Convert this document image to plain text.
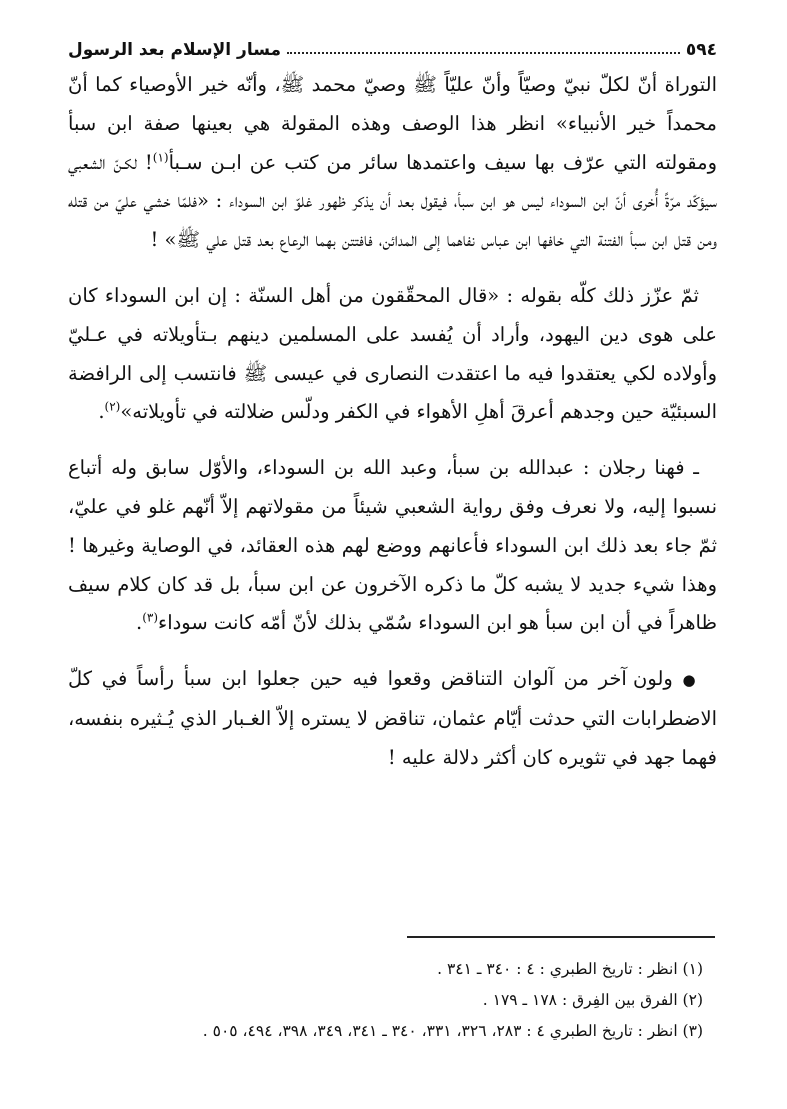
٥٩٤
مسار الإسلام بعد الرسول

التوراة أنّ لكلّ نبيّ وصيّاً وأنّ عليّاً ﷺ وصيّ محمد ﷺ، وأنّه خير الأوصياء كما أنّ محمداً خير الأنبياء» انظر هذا الوصف وهذه المقولة هي بعينها صفة ابن سبأ ومقولته التي عرّف بها سيف واعتمدها سائر من كتب عن ابـن سـبأ$^{(١)}$! لكـنّ الشعبي سيؤكّد مرّةً أُخرى أنّ ابن السوداء ليس هو ابن سبأ، فيقول بعد أن يذكر ظهور غلوّ ابن السوداء : «فلمّا خشي عليّ من قتله ومن قتل ابن سبأ الفتنة التي خافها ابن عباس نفاهما إلى المدائن، فافتتن بهما الرعاع بعد قتل علي ﷺ» !

ثمّ عزّز ذلك كلّه بقوله : «قال المحقّقون من أهل السنّة : إن ابن السوداء كان على هوى دين اليهود، وأراد أن يُفسد على المسلمين دينهم بـتأويلاته في عـليّ وأولاده لكي يعتقدوا فيه ما اعتقدت النصارى في عيسى ﷺ فانتسب إلى الرافضة السبئيّة حين وجدهم أعرقَ أهلِ الأهواء في الكفر ودلّس ضلالته في تأويلاته»$^{(٢)}$.

ـ فهنا رجلان : عبدالله بن سبأ، وعبد الله بن السوداء، والأوّل سابق وله أتباع نسبوا إليه، ولا نعرف وفق رواية الشعبي شيئاً من مقولاتهم إلاّ أنّهم غلو في عليّ، ثمّ جاء بعد ذلك ابن السوداء فأعانهم ووضع لهم هذه العقائد، في الوصاية وغيرها ! وهذا شيء جديد لا يشبه كلّ ما ذكره الآخرون عن ابن سبأ، بل قد كان كلام سيف ظاهراً في أن ابن سبأ هو ابن السوداء سُمّي بذلك لأنّ أمّه كانت سوداء$^{(٣)}$.

● ولون آخر من آلوان التناقض وقعوا فيه حين جعلوا ابن سبأ رأساً في كلّ الاضطرابات التي حدثت أيّام عثمان، تناقض لا يستره إلاّ الغـبار الذي يُـثيره بنفسه، فهما جهد في تثويره كان أكثر دلالة عليه !

(١) انظر : تاريخ الطبري : ٤ : ٣٤٠ ـ ٣٤١ .

(٢) الفرق بين الفِرق : ١٧٨ ـ ١٧٩ .

(٣) انظر : تاريخ الطبري ٤ : ٢٨٣، ٣٢٦، ٣٣١، ٣٤٠ ـ ٣٤١، ٣٤٩، ٣٩٨، ٤٩٤، ٥٠٥ .
